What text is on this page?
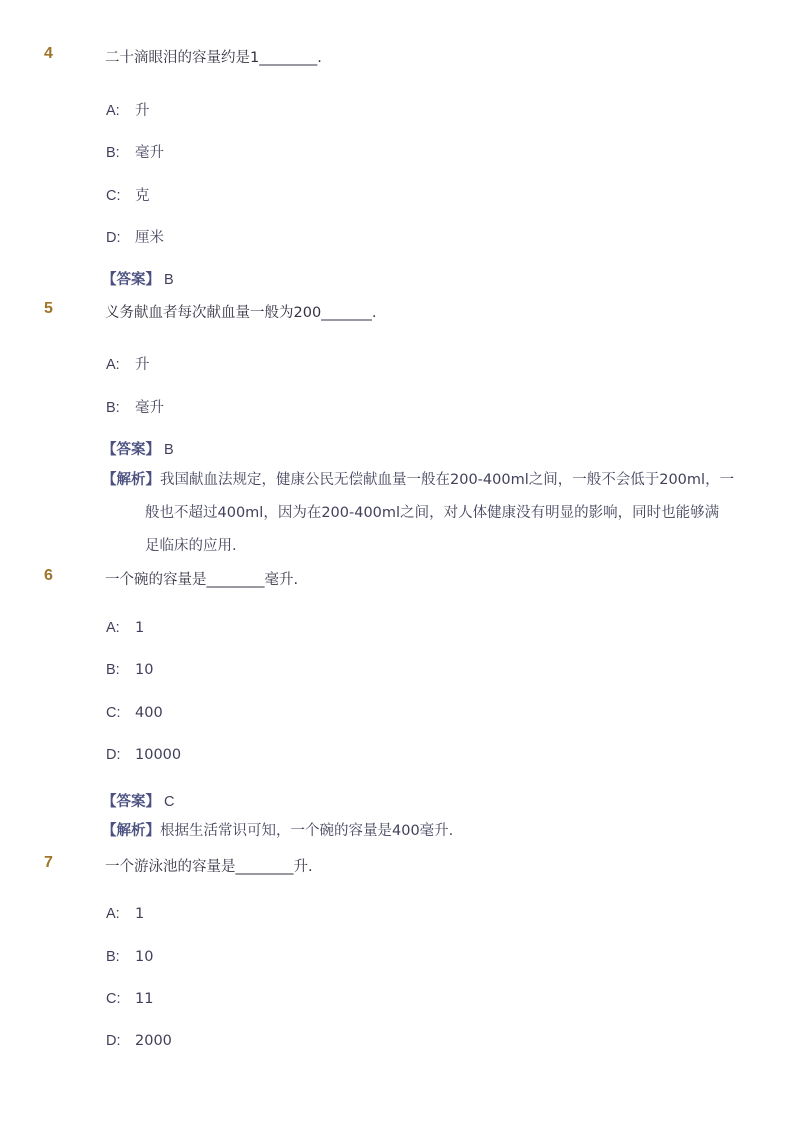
4	二十滴眼泪的容量约是1________.
A: 升
B: 毫升
C: 克
D: 厘米
【答案】 B
5	义务献血者每次献血量一般为200_______.
A: 升
B: 毫升
【答案】 B
【解析】我国献血法规定，健康公民无偿献血量一般在200-400ml之间，一般不会低于200ml，一
般也不超过400ml，因为在200-400ml之间，对人体健康没有明显的影响，同时也能够满
足临床的应用.
6	一个碗的容量是________毫升.
A: 1
B: 10
C: 400
D: 10000
【答案】 C
【解析】根据生活常识可知，一个碗的容量是400毫升.
7	一个游泳池的容量是________升.
A: 1
B: 10
C: 11
D: 2000
